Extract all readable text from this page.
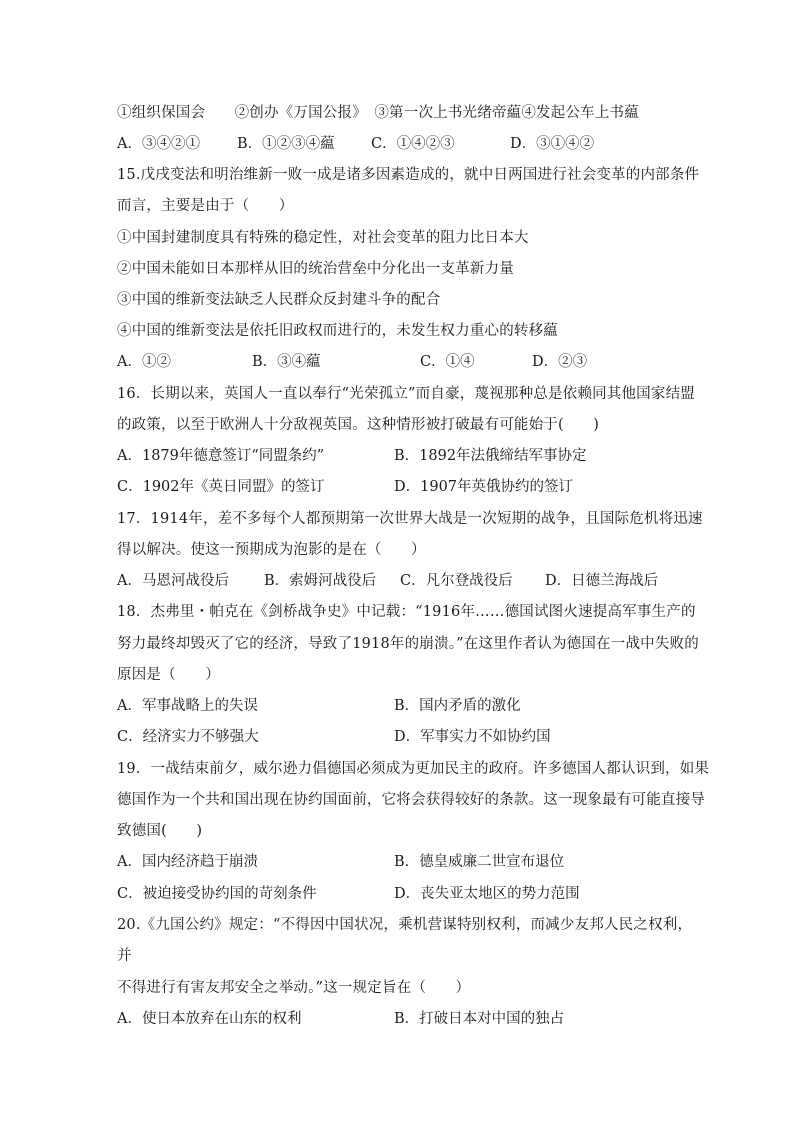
①组织保国会　　②创办《万国公报》　③第一次上书光绪帝藴④发起公车上书藴
A．③④②①	B．①②③④藴	C．①④②③	D．③①④②
15.戊戌变法和明治维新一败一成是诸多因素造成的，就中日两国进行社会变革的内部条件
而言，主要是由于（　　）
①中国封建制度具有特殊的稳定性，对社会变革的阻力比日本大
②中国未能如日本那样从旧的统治营垒中分化出一支革新力量
③中国的维新变法缺乏人民群众反封建斗争的配合
④中国的维新变法是依托旧政权而进行的，未发生权力重心的转移藴
A．①②	B．③④藴	C．①④	D．②③
16．长期以来，英国人一直以奉行“光荣孤立”而自豪，蔑视那种总是依赖同其他国家结盟
的政策，以至于欧洲人十分敌视英国。这种情形被打破最有可能始于(　　)
A．1879年德意签订“同盟条约”	B．1892年法俄缔结军事协定
C．1902年《英日同盟》的签订	D．1907年英俄协约的签订
17．1914年，差不多每个人都预期第一次世界大战是一次短期的战争，且国际危机将迅速
得以解决。使这一预期成为泡影的是在（　　）
A．马恩河战役后 B．索姆河战役后 C．凡尔登战役后 D．日德兰海战后
18．杰弗里・帕克在《剑桥战争史》中记载：“1916年……德国试图火速提高军事生产的
努力最终却毁灭了它的经济，导致了1918年的崩溃。”在这里作者认为德国在一战中失败的
原因是（　　）
A．军事战略上的失误	B．国内矛盾的激化
C．经济实力不够强大	D．军事实力不如协约国
19．一战结束前夕，威尔逊力倡德国必须成为更加民主的政府。许多德国人都认识到，如果
德国作为一个共和国出现在协约国面前，它将会获得较好的条款。这一现象最有可能直接导
致德国(　　)
A．国内经济趋于崩溃	B．德皇威廉二世宣布退位
C．被迫接受协约国的苛刻条件	D．丧失亚太地区的势力范围
20.《九国公约》规定：“不得因中国状况，乘机营谋特别权利，而减少友邦人民之权利，
并
不得进行有害友邦安全之举动。”这一规定旨在（　　）
A．使日本放弃在山东的权利	B．打破日本对中国的独占
